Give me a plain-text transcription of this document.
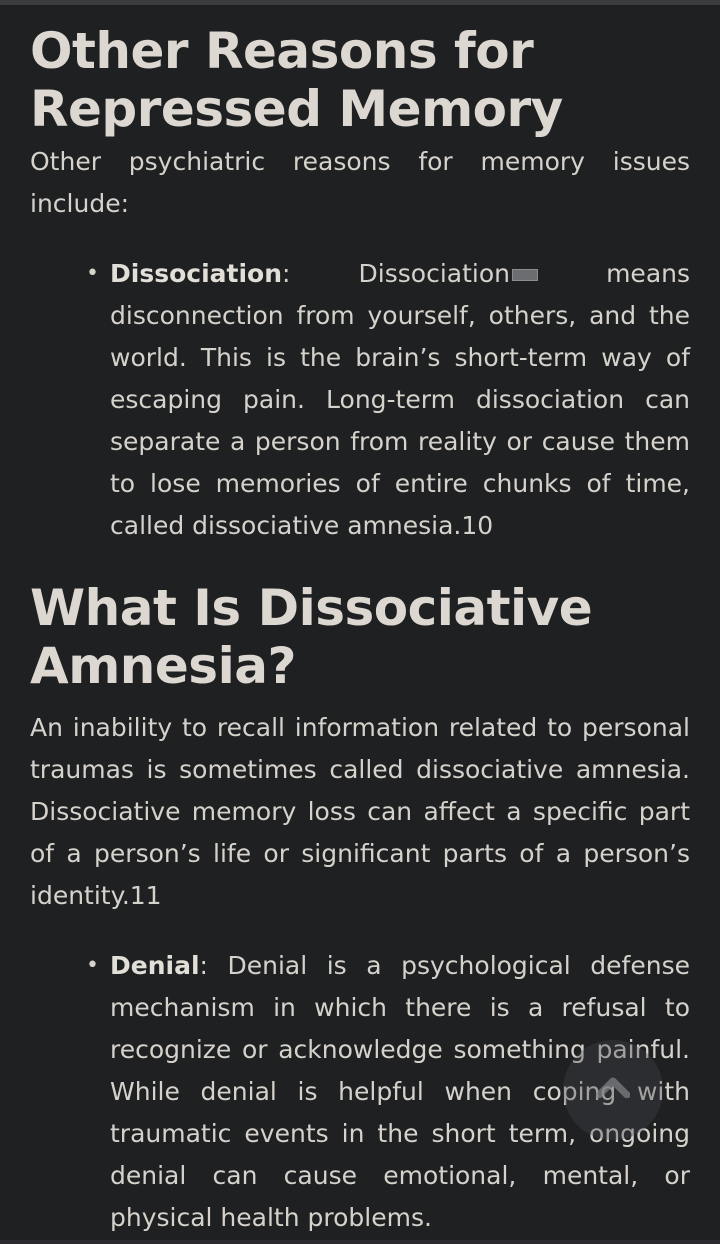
Other Reasons for Repressed Memory

Other psychiatric reasons for memory issues include:

• Dissociation: Dissociation means disconnection from yourself, others, and the world. This is the brain’s short-term way of escaping pain. Long-term dissociation can separate a person from reality or cause them to lose memories of entire chunks of time, called dissociative amnesia.10
What Is Dissociative Amnesia?

An inability to recall information related to personal traumas is sometimes called dissociative amnesia. Dissociative memory loss can affect a specific part of a person’s life or significant parts of a person’s identity.11

• Denial: Denial is a psychological defense mechanism in which there is a refusal to recognize or acknowledge something painful. While denial is helpful when coping with traumatic events in the short term, ongoing denial can cause emotional, mental, or physical health problems.
